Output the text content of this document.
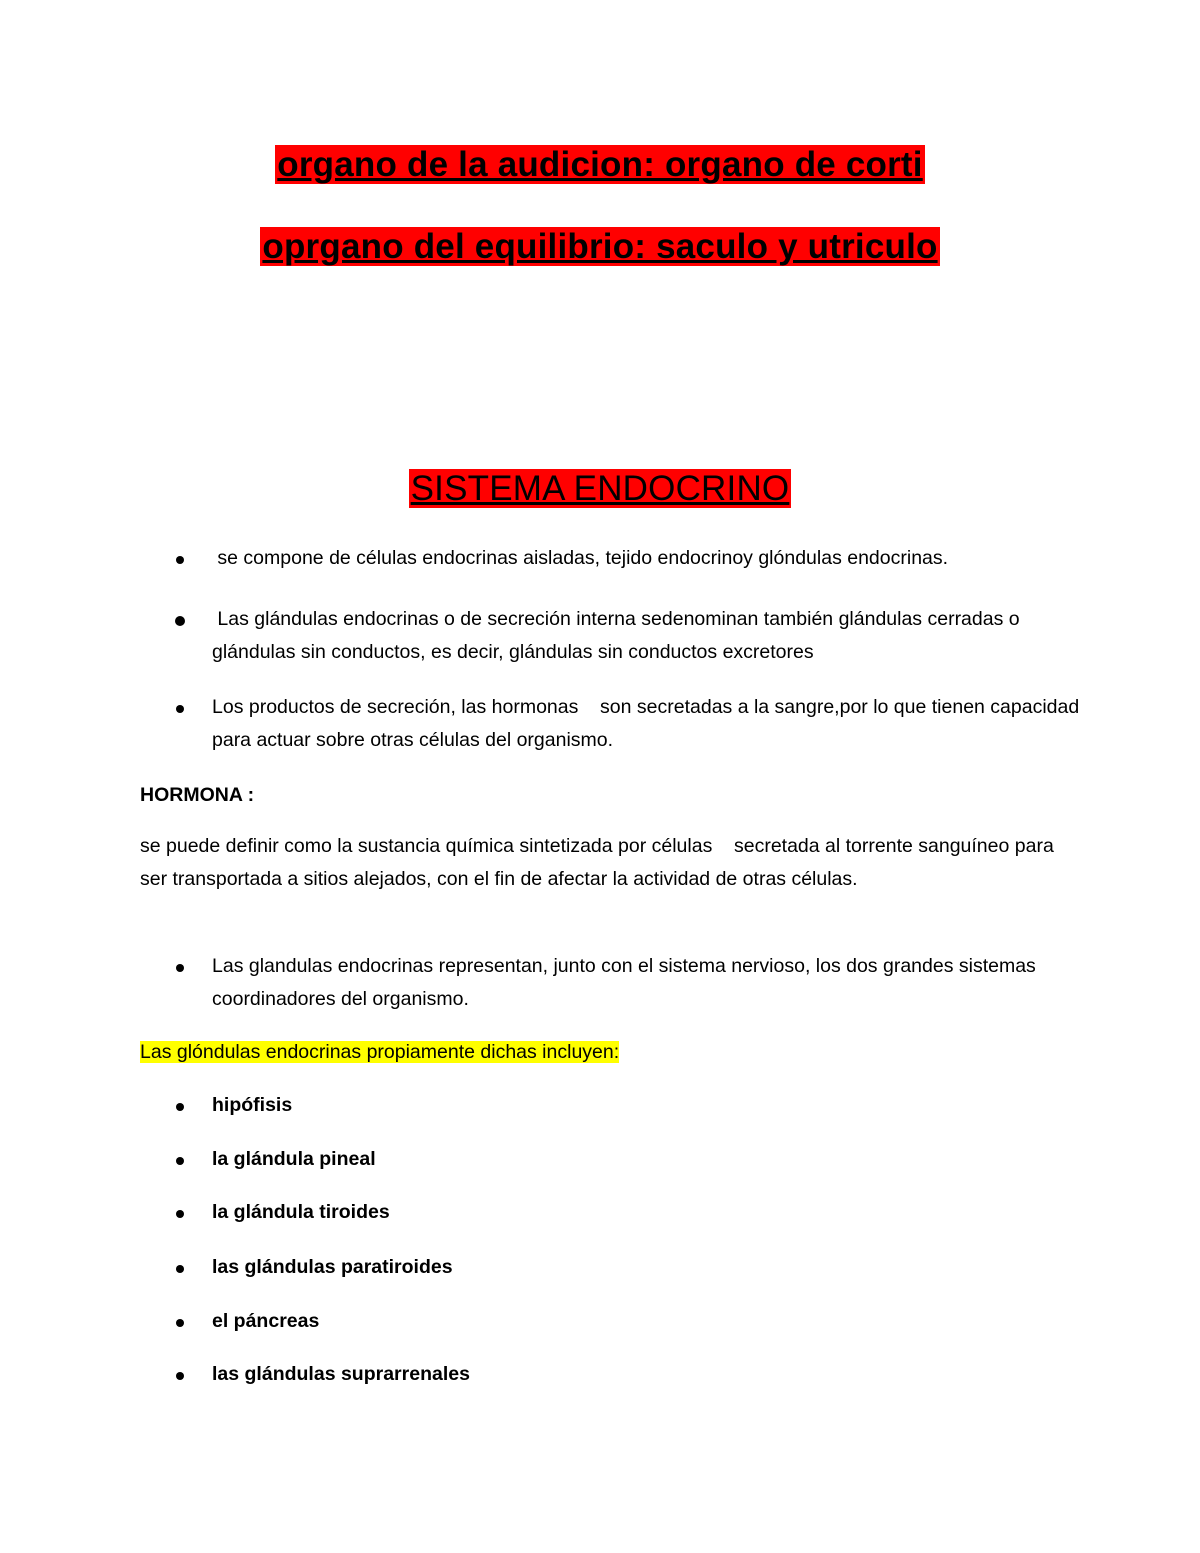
organo de la audicion: organo de corti
oprgano del equilibrio: saculo y utriculo
SISTEMA ENDOCRINO
se compone de células endocrinas aisladas, tejido endocrinoy glóndulas endocrinas.
Las glándulas endocrinas o de secreción interna sedenominan también glándulas cerradas o glándulas sin conductos, es decir, glándulas sin conductos excretores
Los productos de secreción, las hormonas    son secretadas a la sangre,por lo que tienen capacidad para actuar sobre otras células del organismo.
HORMONA :
se puede definir como la sustancia química sintetizada por células    secretada al torrente sanguíneo para ser transportada a sitios alejados, con el fin de afectar la actividad de otras células.
Las glandulas endocrinas representan, junto con el sistema nervioso, los dos grandes sistemas coordinadores del organismo.
Las glóndulas endocrinas propiamente dichas incluyen:
hipófisis
la glándula pineal
la glándula tiroides
las glándulas paratiroides
el páncreas
las glándulas suprarrenales
